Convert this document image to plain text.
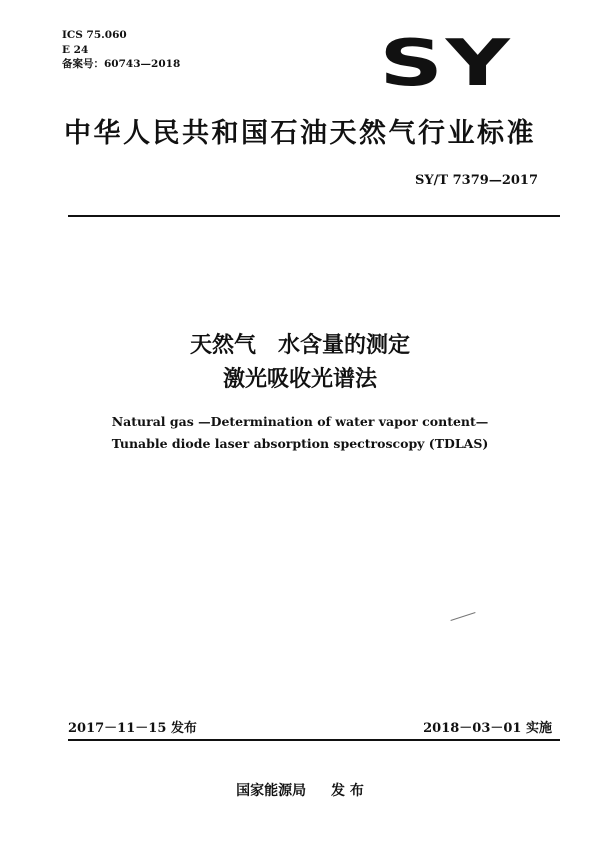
ICS 75.060
E 24
备案号：60743—2018	SY
中华人民共和国石油天然气行业标准
SY/T 7379—2017
天然气　水含量的测定
激光吸收光谱法
Natural gas —Determination of water vapor content—
Tunable diode laser absorption spectroscopy (TDLAS)
2017－11－15 发布	2018－03－01 实施
国家能源局 发 布
